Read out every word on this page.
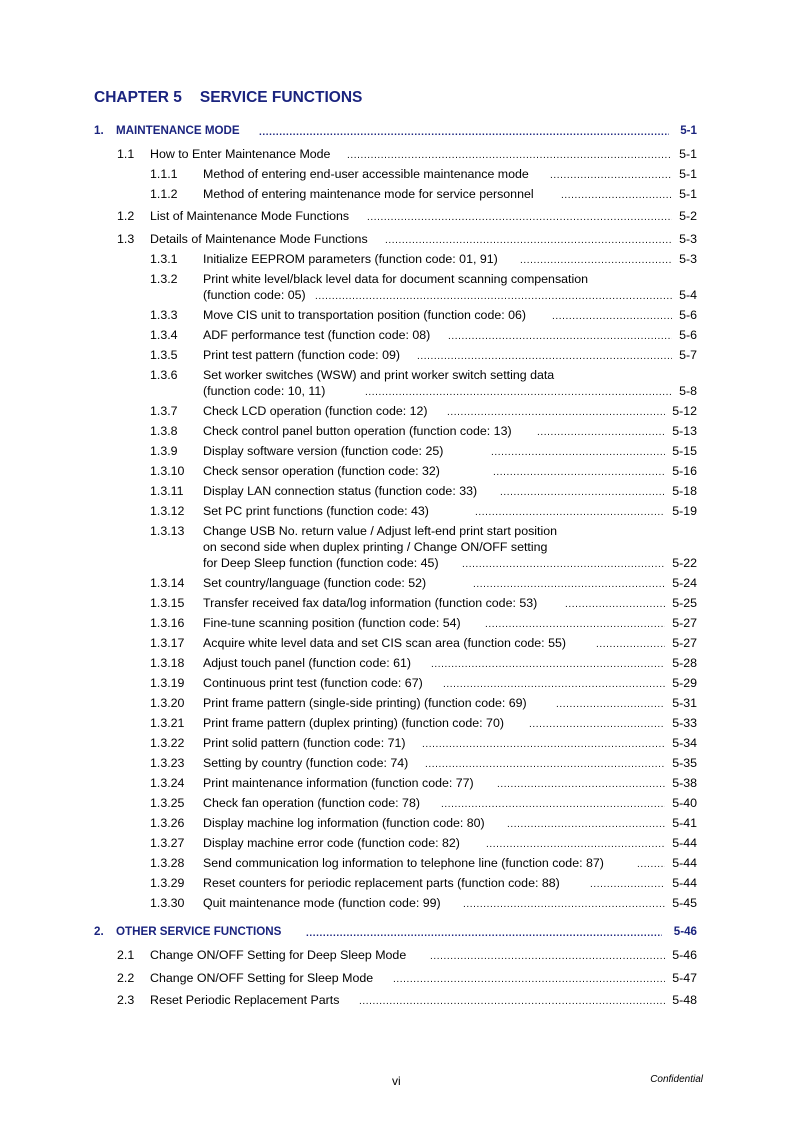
CHAPTER 5 SERVICE FUNCTIONS
1. MAINTENANCE MODE .....	5-1
1.1 How to Enter Maintenance Mode .....	5-1
1.1.1 Method of entering end-user accessible maintenance mode .....	5-1
1.1.2 Method of entering maintenance mode for service personnel .....	5-1
1.2 List of Maintenance Mode Functions .....	5-2
1.3 Details of Maintenance Mode Functions .....	5-3
1.3.1 Initialize EEPROM parameters (function code: 01, 91) .....	5-3
1.3.2 Print white level/black level data for document scanning compensation
(function code: 05) .....	5-4
1.3.3 Move CIS unit to transportation position (function code: 06) .....	5-6
1.3.4 ADF performance test (function code: 08) .....	5-6
1.3.5 Print test pattern (function code: 09) .....	5-7
1.3.6 Set worker switches (WSW) and print worker switch setting data
(function code: 10, 11) .....	5-8
1.3.7 Check LCD operation (function code: 12) .....	5-12
1.3.8 Check control panel button operation (function code: 13) .....	5-13
1.3.9 Display software version (function code: 25) .....	5-15
1.3.10 Check sensor operation (function code: 32) .....	5-16
1.3.11 Display LAN connection status (function code: 33) .....	5-18
1.3.12 Set PC print functions (function code: 43) .....	5-19
1.3.13 Change USB No. return value / Adjust left-end print start position
on second side when duplex printing / Change ON/OFF setting
for Deep Sleep function (function code: 45) .....	5-22
1.3.14 Set country/language (function code: 52) .....	5-24
1.3.15 Transfer received fax data/log information (function code: 53) .....	5-25
1.3.16 Fine-tune scanning position (function code: 54) .....	5-27
1.3.17 Acquire white level data and set CIS scan area (function code: 55) .....	5-27
1.3.18 Adjust touch panel (function code: 61) .....	5-28
1.3.19 Continuous print test (function code: 67) .....	5-29
1.3.20 Print frame pattern (single-side printing) (function code: 69) .....	5-31
1.3.21 Print frame pattern (duplex printing) (function code: 70) .....	5-33
1.3.22 Print solid pattern (function code: 71) .....	5-34
1.3.23 Setting by country (function code: 74) .....	5-35
1.3.24 Print maintenance information (function code: 77) .....	5-38
1.3.25 Check fan operation (function code: 78) .....	5-40
1.3.26 Display machine log information (function code: 80) .....	5-41
1.3.27 Display machine error code (function code: 82) .....	5-44
1.3.28 Send communication log information to telephone line (function code: 87) .....	5-44
1.3.29 Reset counters for periodic replacement parts (function code: 88) .....	5-44
1.3.30 Quit maintenance mode (function code: 99) .....	5-45
2. OTHER SERVICE FUNCTIONS .....	5-46
2.1 Change ON/OFF Setting for Deep Sleep Mode .....	5-46
2.2 Change ON/OFF Setting for Sleep Mode .....	5-47
2.3 Reset Periodic Replacement Parts .....	5-48
vi	Confidential
